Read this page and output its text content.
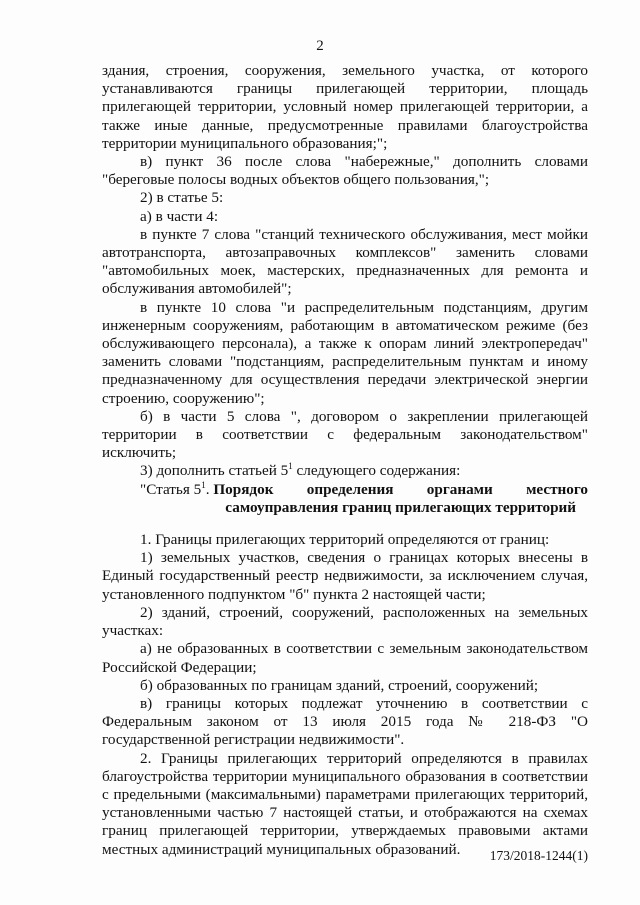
2

здания, строения, сооружения, земельного участка, от которого устанавливаются границы прилегающей территории, площадь прилегающей территории, условный номер прилегающей территории, а также иные данные, предусмотренные правилами благоустройства территории муниципального образования;";

в) пункт 36 после слова "набережные," дополнить словами "береговые полосы водных объектов общего пользования,";

2) в статье 5:

а) в части 4:

в пункте 7 слова "станций технического обслуживания, мест мойки автотранспорта, автозаправочных комплексов" заменить словами "автомобильных моек, мастерских, предназначенных для ремонта и обслуживания автомобилей";

в пункте 10 слова "и распределительным подстанциям, другим инженерным сооружениям, работающим в автоматическом режиме (без обслуживающего персонала), а также к опорам линий электропередач" заменить словами "подстанциям, распределительным пунктам и иному предназначенному для осуществления передачи электрической энергии строению, сооружению";

б) в части 5 слова ", договором о закреплении прилегающей территории в соответствии с федеральным законодательством" исключить;

3) дополнить статьей $5^1$ следующего содержания:

"Статья $5^1$. Порядок определения органами местного
самоуправления границ прилегающих территорий

1. Границы прилегающих территорий определяются от границ:

1) земельных участков, сведения о границах которых внесены в Единый государственный реестр недвижимости, за исключением случая, установленного подпунктом "б" пункта 2 настоящей части;

2) зданий, строений, сооружений, расположенных на земельных участках:

а) не образованных в соответствии с земельным законодательством Российской Федерации;

б) образованных по границам зданий, строений, сооружений;

в) границы которых подлежат уточнению в соответствии с Федеральным законом от 13 июля 2015 года № 218-ФЗ "О государственной регистрации недвижимости".

2. Границы прилегающих территорий определяются в правилах благоустройства территории муниципального образования в соответствии с предельными (максимальными) параметрами прилегающих территорий, установленными частью 7 настоящей статьи, и отображаются на схемах границ прилегающей территории, утверждаемых правовыми актами местных администраций муниципальных образований.	173/2018-1244(1)
